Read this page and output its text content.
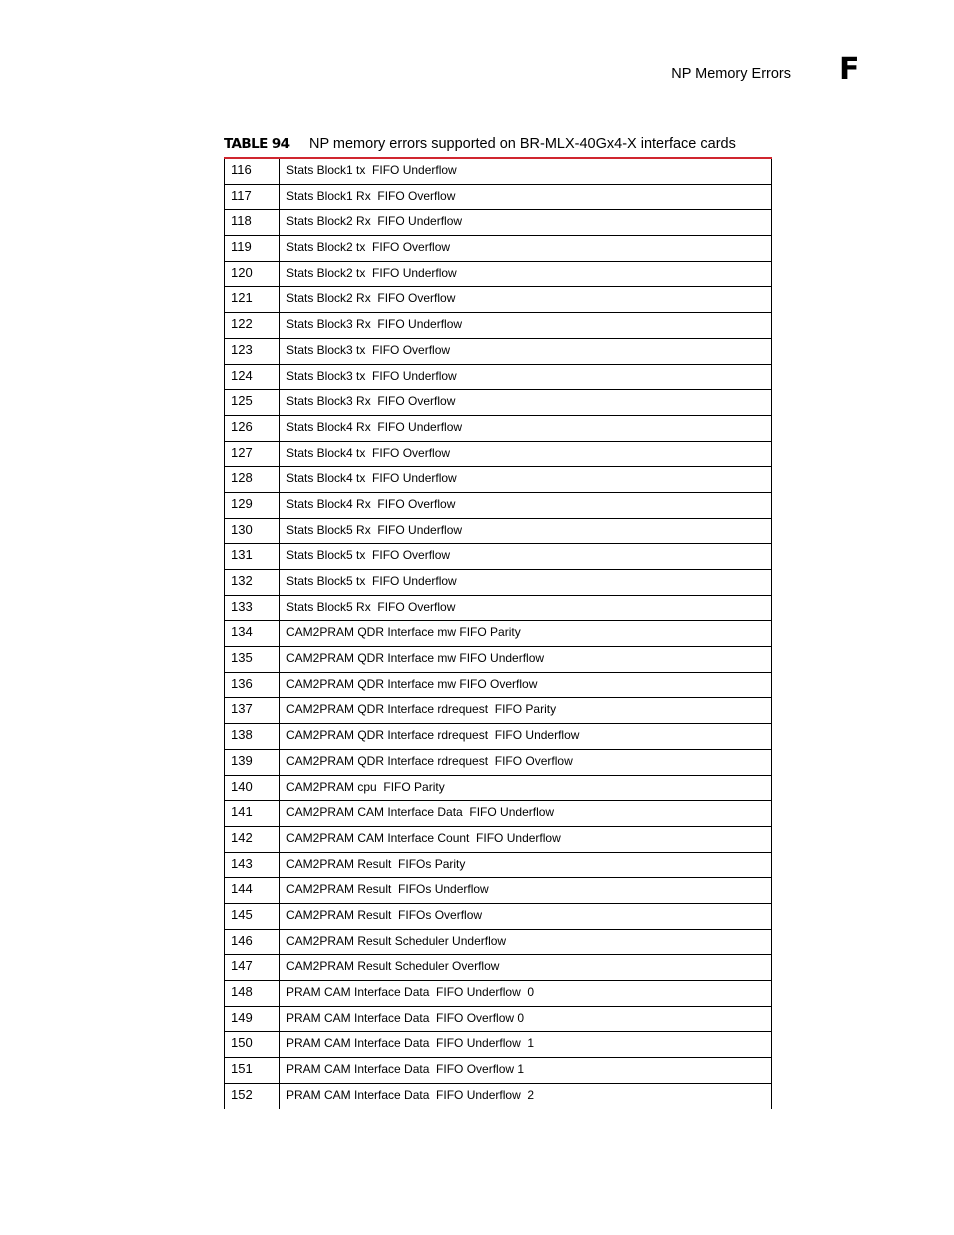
NP Memory Errors F
TABLE 94 NP memory errors supported on BR-MLX-40Gx4-X interface cards
116	Stats Block1 tx  FIFO Underflow
117	Stats Block1 Rx  FIFO Overflow
118	Stats Block2 Rx  FIFO Underflow
119	Stats Block2 tx  FIFO Overflow
120	Stats Block2 tx  FIFO Underflow
121	Stats Block2 Rx  FIFO Overflow
122	Stats Block3 Rx  FIFO Underflow
123	Stats Block3 tx  FIFO Overflow
124	Stats Block3 tx  FIFO Underflow
125	Stats Block3 Rx  FIFO Overflow
126	Stats Block4 Rx  FIFO Underflow
127	Stats Block4 tx  FIFO Overflow
128	Stats Block4 tx  FIFO Underflow
129	Stats Block4 Rx  FIFO Overflow
130	Stats Block5 Rx  FIFO Underflow
131	Stats Block5 tx  FIFO Overflow
132	Stats Block5 tx  FIFO Underflow
133	Stats Block5 Rx  FIFO Overflow
134	CAM2PRAM QDR Interface mw FIFO Parity
135	CAM2PRAM QDR Interface mw FIFO Underflow
136	CAM2PRAM QDR Interface mw FIFO Overflow
137	CAM2PRAM QDR Interface rdrequest  FIFO Parity
138	CAM2PRAM QDR Interface rdrequest  FIFO Underflow
139	CAM2PRAM QDR Interface rdrequest  FIFO Overflow
140	CAM2PRAM cpu  FIFO Parity
141	CAM2PRAM CAM Interface Data  FIFO Underflow
142	CAM2PRAM CAM Interface Count  FIFO Underflow
143	CAM2PRAM Result  FIFOs Parity
144	CAM2PRAM Result  FIFOs Underflow
145	CAM2PRAM Result  FIFOs Overflow
146	CAM2PRAM Result Scheduler Underflow
147	CAM2PRAM Result Scheduler Overflow
148	PRAM CAM Interface Data  FIFO Underflow  0
149	PRAM CAM Interface Data  FIFO Overflow 0
150	PRAM CAM Interface Data  FIFO Underflow  1
151	PRAM CAM Interface Data  FIFO Overflow 1
152	PRAM CAM Interface Data  FIFO Underflow  2
